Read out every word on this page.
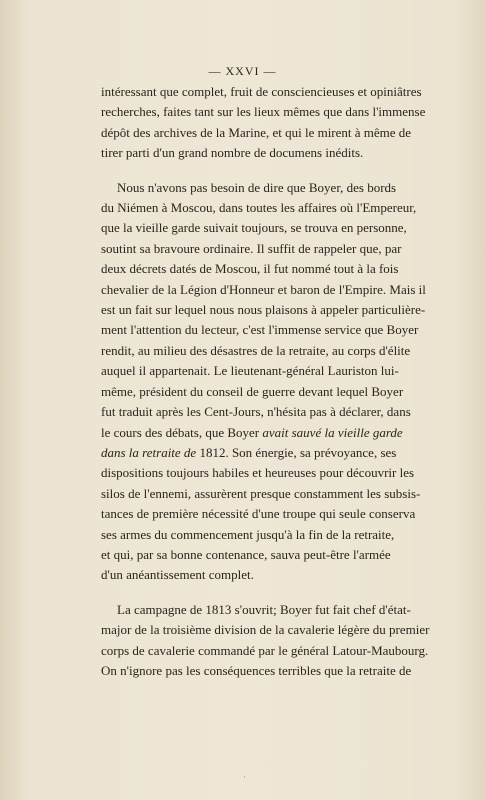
— XXVI —

intéressant que complet, fruit de consciencieuses et opiniâtres
recherches, faites tant sur les lieux mêmes que dans l'immense
dépôt des archives de la Marine, et qui le mirent à même de
tirer parti d'un grand nombre de documens inédits.

Nous n'avons pas besoin de dire que Boyer, des bords
du Niémen à Moscou, dans toutes les affaires où l'Empereur,
que la vieille garde suivait toujours, se trouva en personne,
soutint sa bravoure ordinaire. Il suffit de rappeler que, par
deux décrets datés de Moscou, il fut nommé tout à la fois
chevalier de la Légion d'Honneur et baron de l'Empire. Mais il
est un fait sur lequel nous nous plaisons à appeler particulière-
ment l'attention du lecteur, c'est l'immense service que Boyer
rendit, au milieu des désastres de la retraite, au corps d'élite
auquel il appartenait. Le lieutenant-général Lauriston lui-
même, président du conseil de guerre devant lequel Boyer
fut traduit après les Cent-Jours, n'hésita pas à déclarer, dans
le cours des débats, que Boyer avait sauvé la vieille garde
dans la retraite de 1812. Son énergie, sa prévoyance, ses
dispositions toujours habiles et heureuses pour découvrir les
silos de l'ennemi, assurèrent presque constamment les subsis-
tances de première nécessité d'une troupe qui seule conserva
ses armes du commencement jusqu'à la fin de la retraite,
et qui, par sa bonne contenance, sauva peut-être l'armée
d'un anéantissement complet.

La campagne de 1813 s'ouvrit; Boyer fut fait chef d'état-
major de la troisième division de la cavalerie légère du premier
corps de cavalerie commandé par le général Latour-Maubourg.
On n'ignore pas les conséquences terribles que la retraite de

·
